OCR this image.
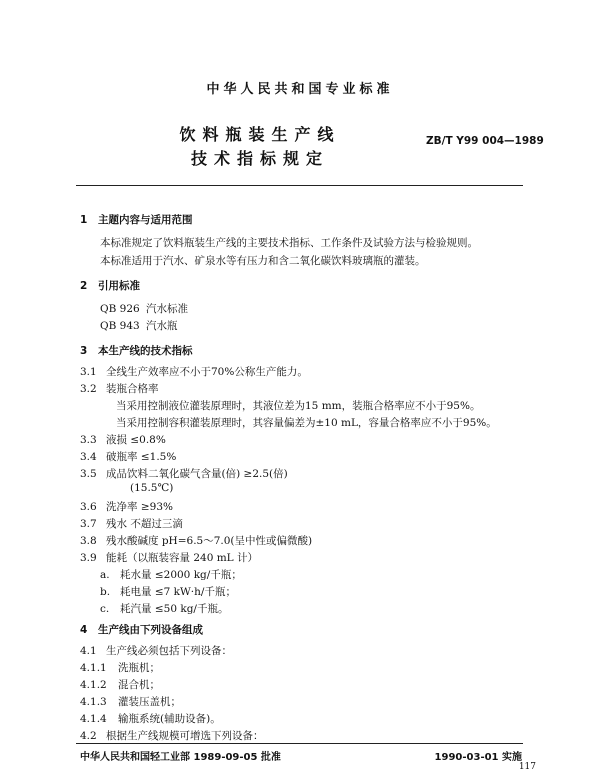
中华人民共和国专业标准
饮料瓶装生产线
技术指标规定
ZB/T Y99 004—1989
1 主题内容与适用范围
本标准规定了饮料瓶装生产线的主要技术指标、工作条件及试验方法与检验规则。
本标准适用于汽水、矿泉水等有压力和含二氧化碳饮料玻璃瓶的灌装。
2 引用标准
QB 926 汽水标准
QB 943 汽水瓶
3 本生产线的技术指标
3.1 全线生产效率应不小于70%公称生产能力。
3.2 装瓶合格率
当采用控制液位灌装原理时，其液位差为15 mm，装瓶合格率应不小于95%。
当采用控制容积灌装原理时，其容量偏差为±10 mL，容量合格率应不小于95%。
3.3 液损 ≤0.8%
3.4 破瓶率 ≤1.5%
3.5 成品饮料二氧化碳气含量(倍) ≥2.5(倍)
(15.5℃)
3.6 洗净率 ≥93%
3.7 残水 不超过三滴
3.8 残水酸碱度 pH=6.5～7.0(呈中性或偏微酸)
3.9 能耗（以瓶装容量 240 mL 计）
a. 耗水量 ≤2000 kg/千瓶；
b. 耗电量 ≤7 kW·h/千瓶；
c. 耗汽量 ≤50 kg/千瓶。
4 生产线由下列设备组成
4.1 生产线必须包括下列设备：
4.1.1 洗瓶机；
4.1.2 混合机；
4.1.3 灌装压盖机；
4.1.4 输瓶系统(辅助设备)。
4.2 根据生产线规模可增选下列设备：
中华人民共和国轻工业部 1989-09-05 批准	1990-03-01 实施
117
